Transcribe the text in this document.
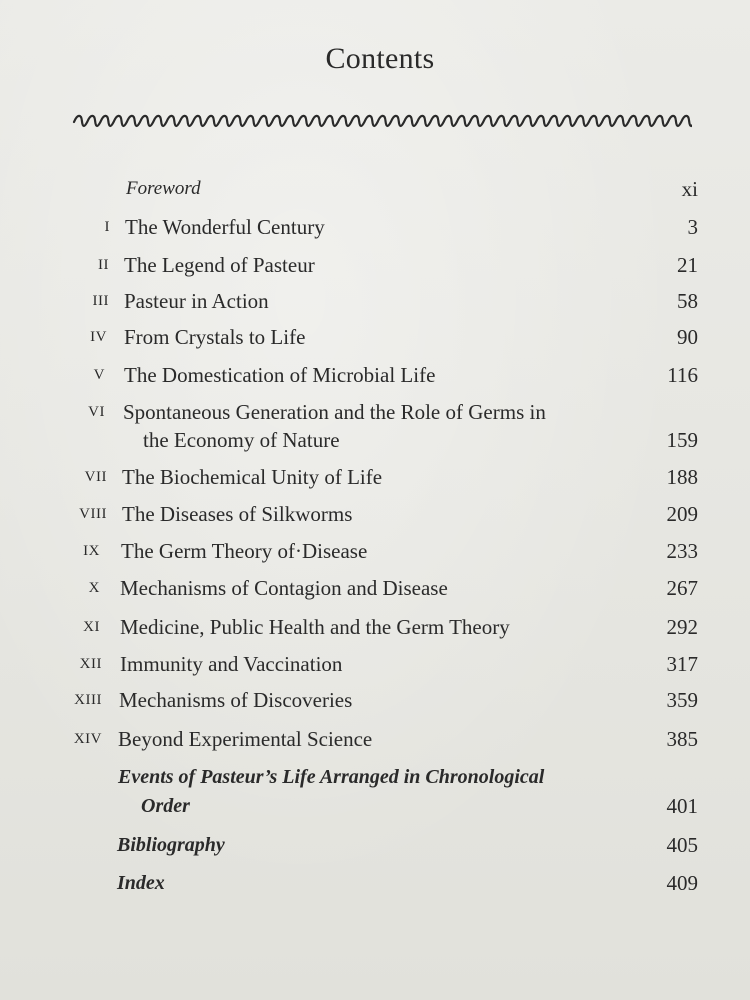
Contents
Foreword	xi
I The Wonderful Century	3
II The Legend of Pasteur	21
III Pasteur in Action	58
IV From Crystals to Life	90
V The Domestication of Microbial Life	116
VI Spontaneous Generation and the Role of Germs in
the Economy of Nature	159
VII The Biochemical Unity of Life	188
VIII The Diseases of Silkworms	209
IX The Germ Theory of·Disease	233
X Mechanisms of Contagion and Disease	267
XI Medicine, Public Health and the Germ Theory	292
XII Immunity and Vaccination	317
XIII Mechanisms of Discoveries	359
XIV Beyond Experimental Science	385
Events of Pasteur’s Life Arranged in Chronological
Order	401
Bibliography	405
Index	409
